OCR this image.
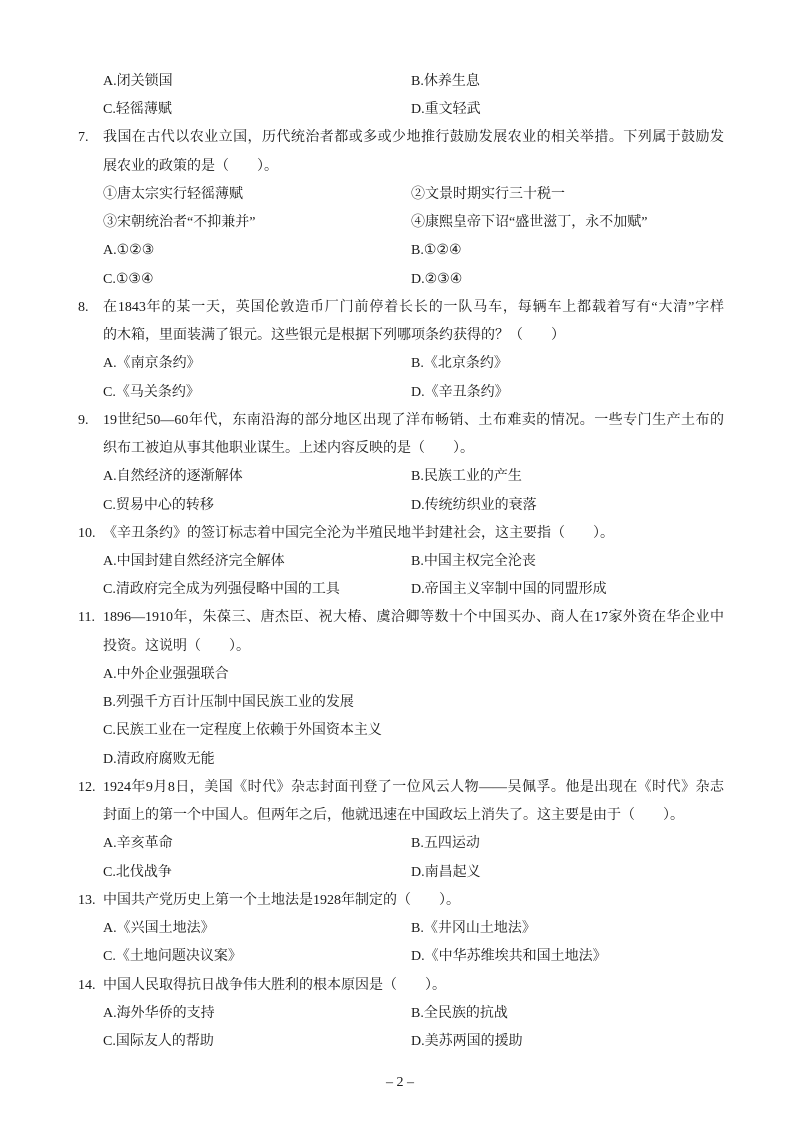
A.闭关锁国	B.休养生息
C.轻徭薄赋	D.重文轻武
7. 我国在古代以农业立国，历代统治者都或多或少地推行鼓励发展农业的相关举措。下列属于鼓励发
展农业的政策的是（　　）。
①唐太宗实行轻徭薄赋	②文景时期实行三十税一
③宋朝统治者“不抑兼并”	④康熙皇帝下诏“盛世滋丁，永不加赋”
A.①②③	B.①②④
C.①③④	D.②③④
8. 在1843年的某一天，英国伦敦造币厂门前停着长长的一队马车，每辆车上都载着写有“大清”字样
的木箱，里面装满了银元。这些银元是根据下列哪项条约获得的？（　　）
A.《南京条约》	B.《北京条约》
C.《马关条约》	D.《辛丑条约》
9. 19世纪50—60年代，东南沿海的部分地区出现了洋布畅销、土布难卖的情况。一些专门生产土布的
织布工被迫从事其他职业谋生。上述内容反映的是（　　）。
A.自然经济的逐渐解体	B.民族工业的产生
C.贸易中心的转移	D.传统纺织业的衰落
10. 《辛丑条约》的签订标志着中国完全沦为半殖民地半封建社会，这主要指（　　）。
A.中国封建自然经济完全解体	B.中国主权完全沦丧
C.清政府完全成为列强侵略中国的工具	D.帝国主义宰制中国的同盟形成
11. 1896—1910年，朱葆三、唐杰臣、祝大椿、虞洽卿等数十个中国买办、商人在17家外资在华企业中
投资。这说明（　　）。
A.中外企业强强联合
B.列强千方百计压制中国民族工业的发展
C.民族工业在一定程度上依赖于外国资本主义
D.清政府腐败无能
12. 1924年9月8日，美国《时代》杂志封面刊登了一位风云人物——吴佩孚。他是出现在《时代》杂志
封面上的第一个中国人。但两年之后，他就迅速在中国政坛上消失了。这主要是由于（　　）。
A.辛亥革命	B.五四运动
C.北伐战争	D.南昌起义
13. 中国共产党历史上第一个土地法是1928年制定的（　　）。
A.《兴国土地法》	B.《井冈山土地法》
C.《土地问题决议案》	D.《中华苏维埃共和国土地法》
14. 中国人民取得抗日战争伟大胜利的根本原因是（　　）。
A.海外华侨的支持	B.全民族的抗战
C.国际友人的帮助	D.美苏两国的援助
– 2 –
